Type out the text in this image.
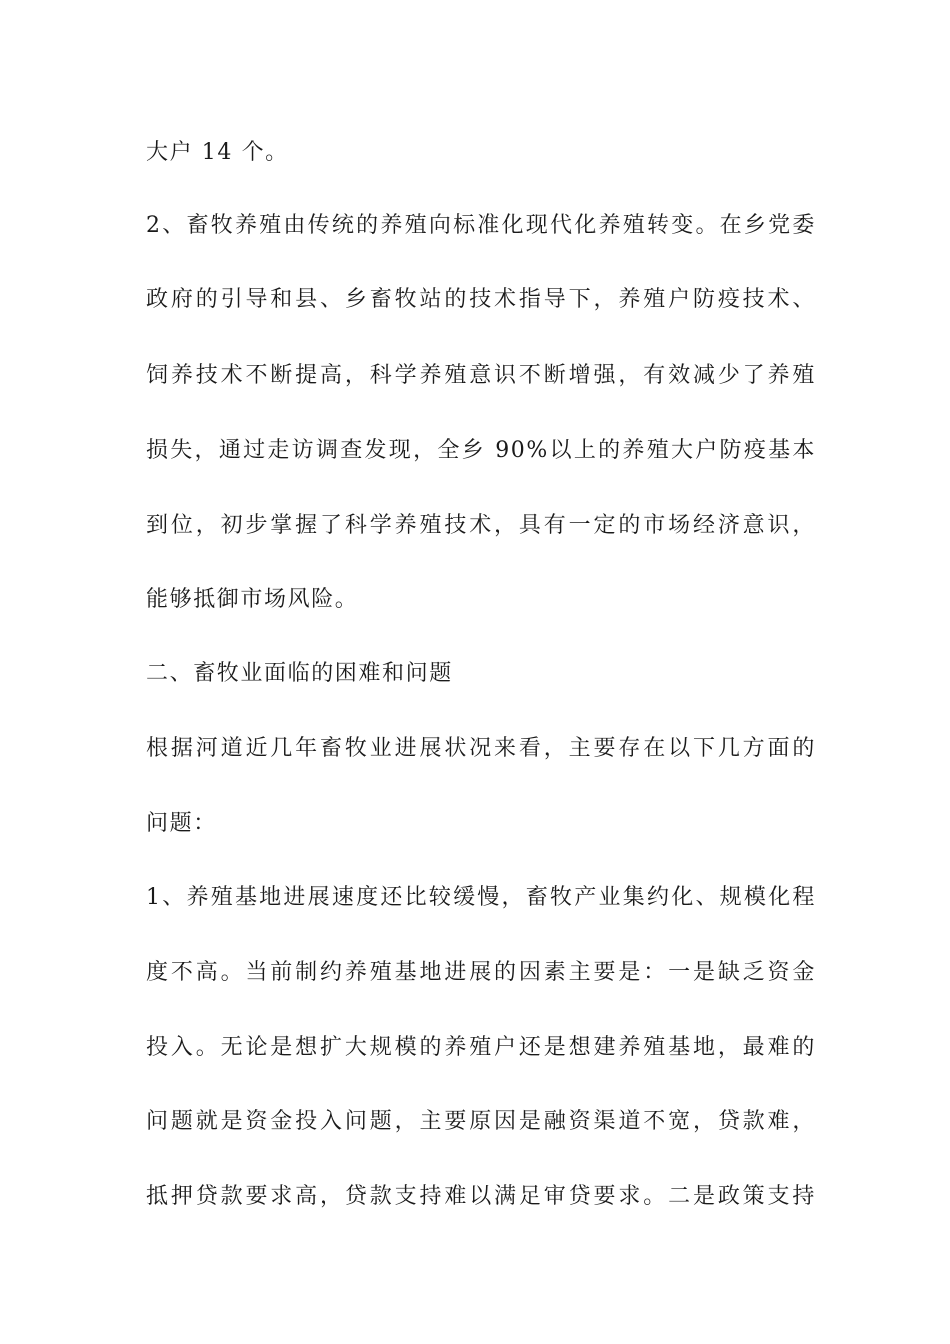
大户 14 个。
2、畜牧养殖由传统的养殖向标准化现代化养殖转变。在乡党委
政府的引导和县、乡畜牧站的技术指导下，养殖户防疫技术、
饲养技术不断提高，科学养殖意识不断增强，有效减少了养殖
损失，通过走访调查发现，全乡 90%以上的养殖大户防疫基本
到位，初步掌握了科学养殖技术，具有一定的市场经济意识，
能够抵御市场风险。
二、畜牧业面临的困难和问题
根据河道近几年畜牧业进展状况来看，主要存在以下几方面的
问题：
1、养殖基地进展速度还比较缓慢，畜牧产业集约化、规模化程
度不高。当前制约养殖基地进展的因素主要是：一是缺乏资金
投入。无论是想扩大规模的养殖户还是想建养殖基地，最难的
问题就是资金投入问题，主要原因是融资渠道不宽，贷款难，
抵押贷款要求高，贷款支持难以满足审贷要求。二是政策支持
